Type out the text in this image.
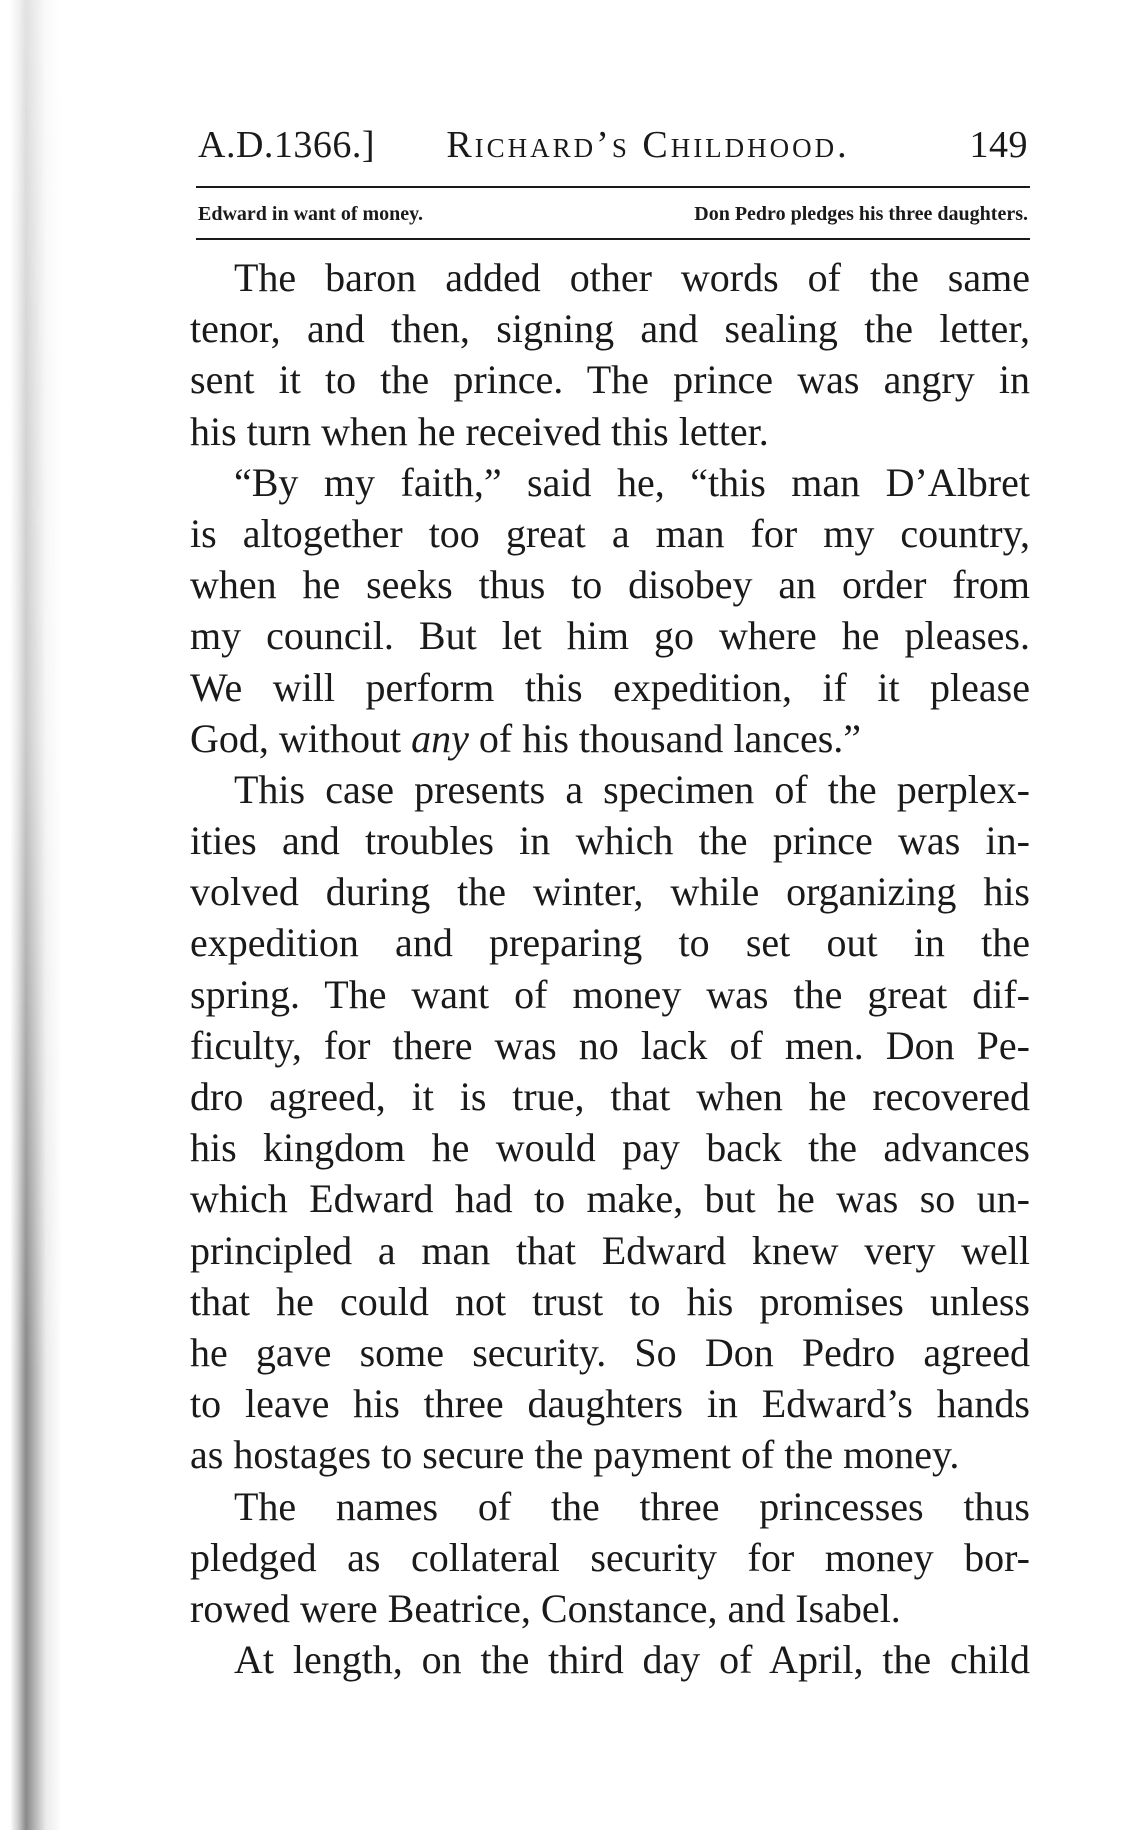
A.D.1366.]	Richard’s Childhood.	149
Edward in want of money.	Don Pedro pledges his three daughters.
The baron added other words of the same
tenor, and then, signing and sealing the letter,
sent it to the prince. The prince was angry in
his turn when he received this letter.
“By my faith,” said he, “this man D’Albret
is altogether too great a man for my country,
when he seeks thus to disobey an order from
my council. But let him go where he pleases.
We will perform this expedition, if it please
God, without any of his thousand lances.”
This case presents a specimen of the perplex-
ities and troubles in which the prince was in-
volved during the winter, while organizing his
expedition and preparing to set out in the
spring. The want of money was the great dif-
ficulty, for there was no lack of men. Don Pe-
dro agreed, it is true, that when he recovered
his kingdom he would pay back the advances
which Edward had to make, but he was so un-
principled a man that Edward knew very well
that he could not trust to his promises unless
he gave some security. So Don Pedro agreed
to leave his three daughters in Edward’s hands
as hostages to secure the payment of the money.
The names of the three princesses thus
pledged as collateral security for money bor-
rowed were Beatrice, Constance, and Isabel.
At length, on the third day of April, the child
